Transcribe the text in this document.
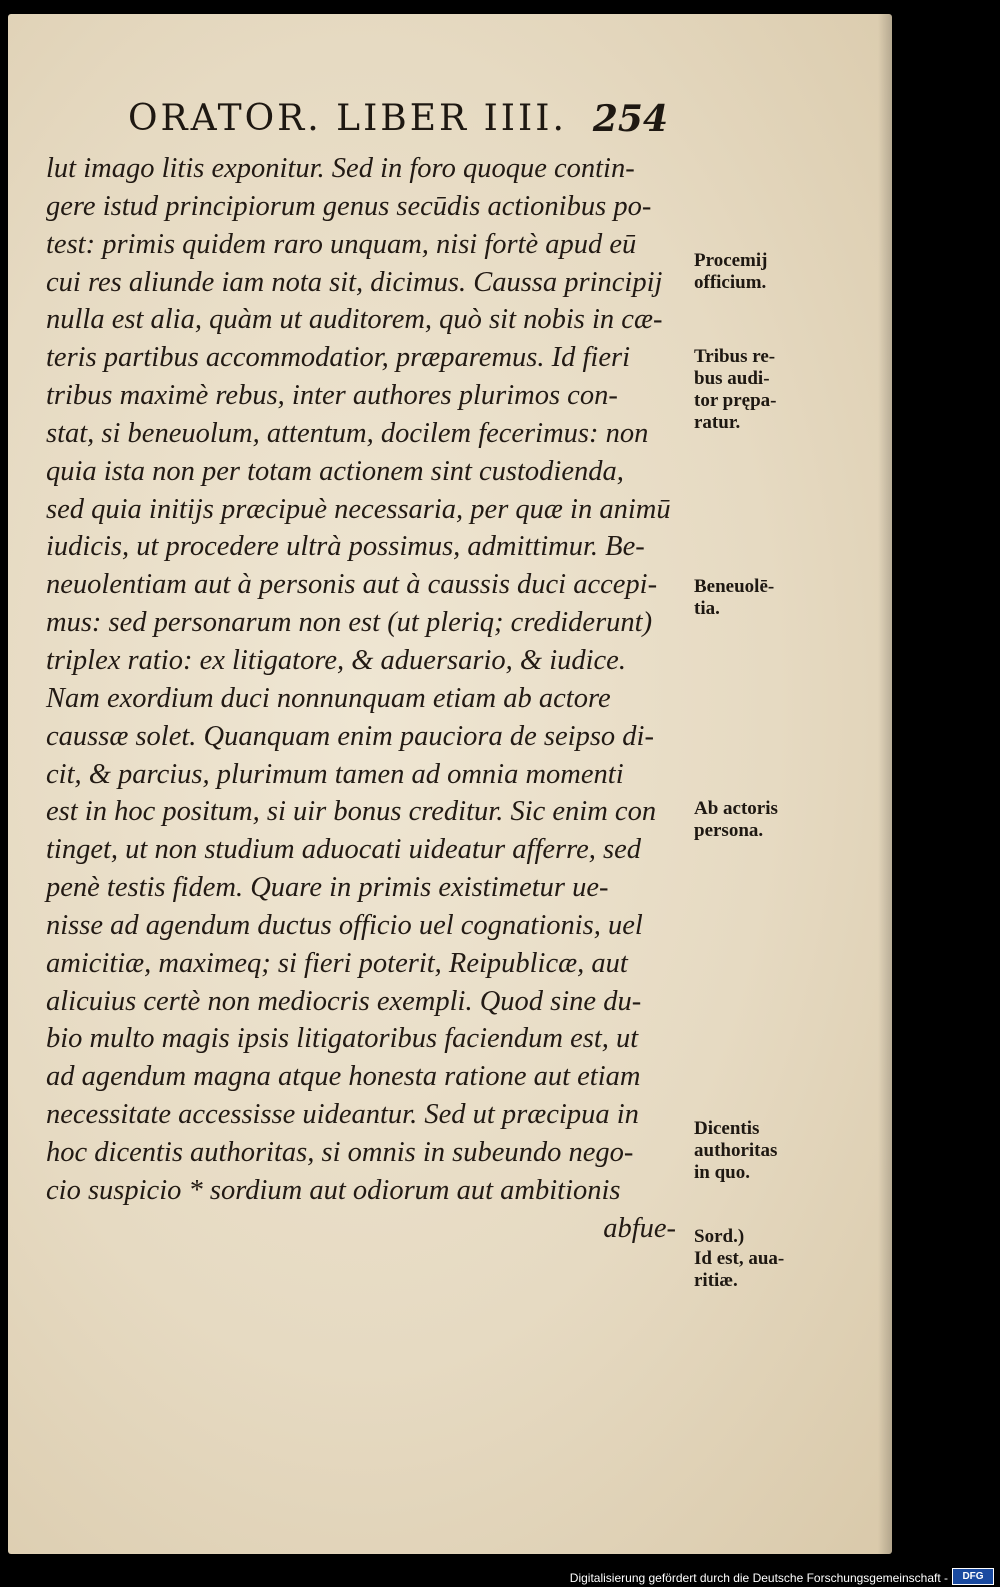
ORATOR. LIBER IIII. 254
lut imago litis exponitur. Sed in foro quoque contin-
gere istud principiorum genus secūdis actionibus po-
test: primis quidem raro unquam, nisi fortè apud eū
cui res aliunde iam nota sit, dicimus. Caussa principij
nulla est alia, quàm ut auditorem, quò sit nobis in cæ-
teris partibus accommodatior, præparemus. Id fieri
tribus maximè rebus, inter authores plurimos con-
stat, si beneuolum, attentum, docilem fecerimus: non
quia ista non per totam actionem sint custodienda,
sed quia initijs præcipuè necessaria, per quæ in animū
iudicis, ut procedere ultrà possimus, admittimur. Be-
neuolentiam aut à personis aut à caussis duci accepi-
mus: sed personarum non est (ut pleriq; crediderunt)
triplex ratio: ex litigatore, & aduersario, & iudice.
Nam exordium duci nonnunquam etiam ab actore
caussæ solet. Quanquam enim pauciora de seipso di-
cit, & parcius, plurimum tamen ad omnia momenti
est in hoc positum, si uir bonus creditur. Sic enim con
tinget, ut non studium aduocati uideatur afferre, sed
penè testis fidem. Quare in primis existimetur ue-
nisse ad agendum ductus officio uel cognationis, uel
amicitiæ, maximeq; si fieri poterit, Reipublicæ, aut
alicuius certè non mediocris exempli. Quod sine du-
bio multo magis ipsis litigatoribus faciendum est, ut
ad agendum magna atque honesta ratione aut etiam
necessitate accessisse uideantur. Sed ut præcipua in
hoc dicentis authoritas, si omnis in subeundo nego-
cio suspicio * sordium aut odiorum aut ambitionis
abfue-
Procemij
officium.
Tribus re-
bus audi-
tor prępa-
ratur.
Beneuolē-
tia.
Ab actoris
persona.
Dicentis
authoritas
in quo.
Sord.)
Id est, aua-
ritiæ.
Digitalisierung gefördert durch die Deutsche Forschungsgemeinschaft -	DFG
